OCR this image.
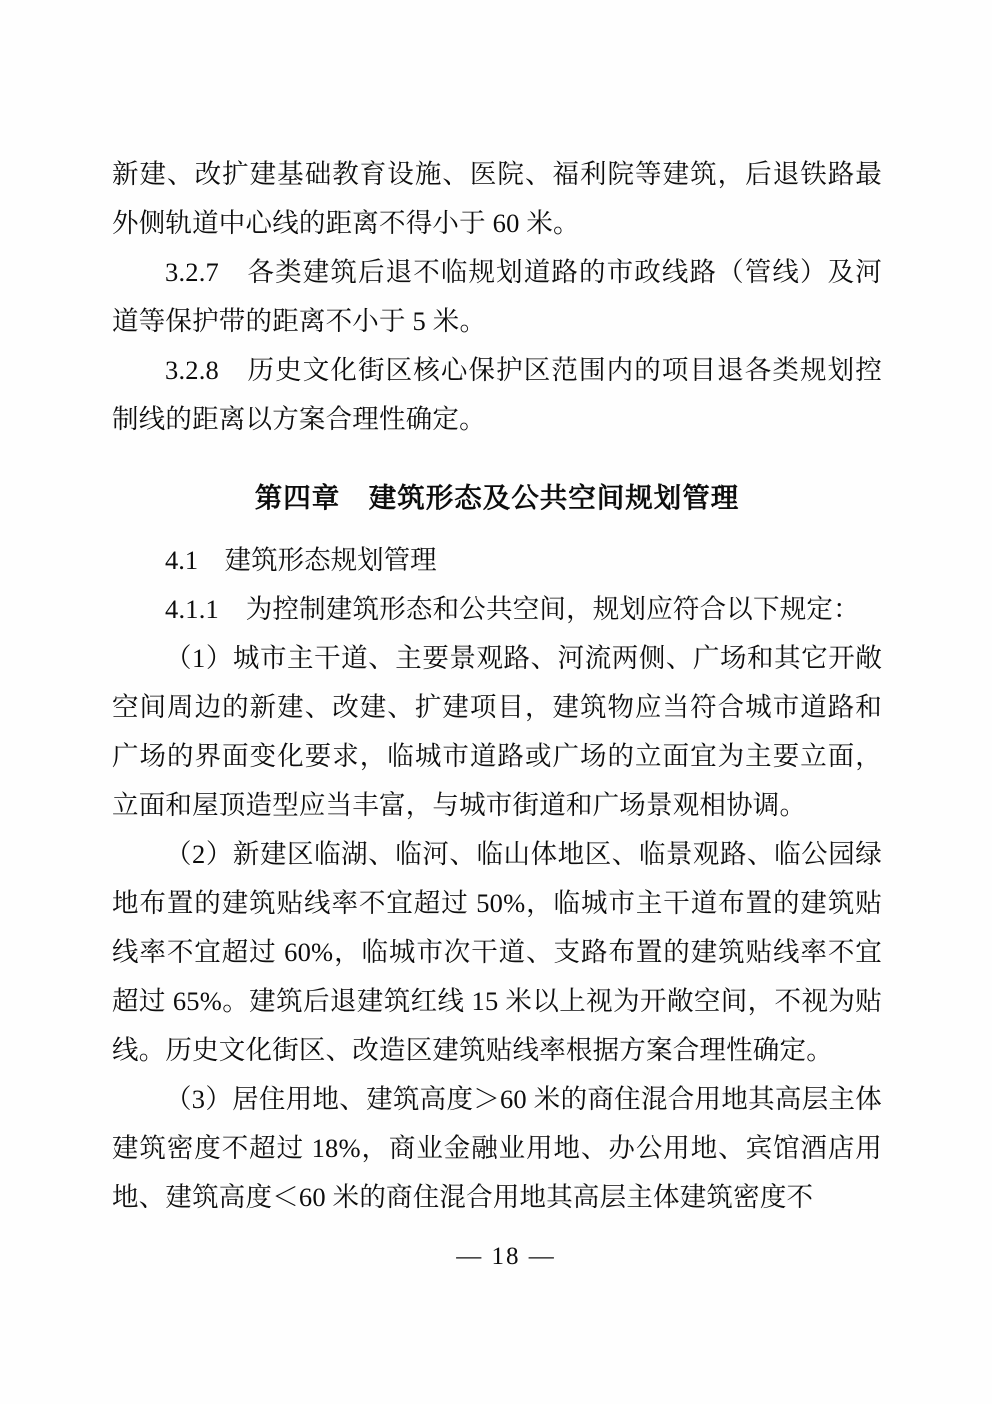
新建、改扩建基础教育设施、医院、福利院等建筑，后退铁路最外侧轨道中心线的距离不得小于 60 米。

3.2.7　各类建筑后退不临规划道路的市政线路（管线）及河道等保护带的距离不小于 5 米。

3.2.8　历史文化街区核心保护区范围内的项目退各类规划控制线的距离以方案合理性确定。

第四章　建筑形态及公共空间规划管理
4.1　建筑形态规划管理

4.1.1　为控制建筑形态和公共空间，规划应符合以下规定：

（1）城市主干道、主要景观路、河流两侧、广场和其它开敞空间周边的新建、改建、扩建项目，建筑物应当符合城市道路和广场的界面变化要求，临城市道路或广场的立面宜为主要立面，立面和屋顶造型应当丰富，与城市街道和广场景观相协调。

（2）新建区临湖、临河、临山体地区、临景观路、临公园绿地布置的建筑贴线率不宜超过 50%，临城市主干道布置的建筑贴线率不宜超过 60%，临城市次干道、支路布置的建筑贴线率不宜超过 65%。建筑后退建筑红线 15 米以上视为开敞空间，不视为贴线。历史文化街区、改造区建筑贴线率根据方案合理性确定。

（3）居住用地、建筑高度＞60 米的商住混合用地其高层主体建筑密度不超过 18%，商业金融业用地、办公用地、宾馆酒店用地、建筑高度＜60 米的商住混合用地其高层主体建筑密度不

— 18 —
